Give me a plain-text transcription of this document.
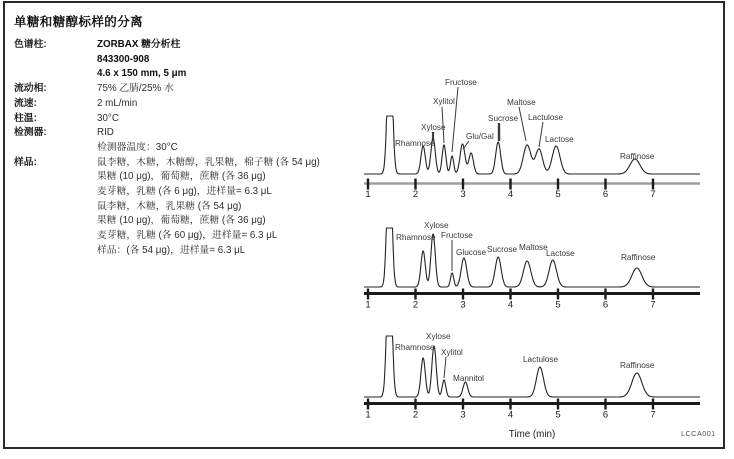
单糖和糖醇标样的分离
色谱柱:	ZORBAX 糖分析柱
843300-908
4.6 x 150 mm, 5 μm
流动相:	75% 乙腈/25% 水
流速:	2 mL/min
柱温:	30°C
检测器:	RID
检测器温度：30°C
样品:	鼠李糖，木糖，木糖醇，乳果糖，棉子糖 (各 54 μg)
果糖 (10 μg)，葡萄糖，蔗糖 (各 36 μg)
麦芽糖，乳糖 (各 6 μg)，进样量= 6.3 μL
鼠李糖，木糖，乳果糖 (各 54 μg)
果糖 (10 μg)，葡萄糖，蔗糖 (各 36 μg)
麦芽糖，乳糖 (各 60 μg)，进样量= 6.3 μL
样品：(各 54 μg)，进样量= 6.3 μL
1	2	3	4	5	6	7
Rhamnose
Xylose
Xylitol
Fructose
Glu/Gal
Sucrose
Maltose
Lactulose
Lactose
Raffinose
1	2	3	4	5	6	7
Rhamnose
Xylose
Fructose
Glucose Sucrose Maltose
Lactose	Raffinose
1	2	3	4	5	6	7
Time (min)
Rhamnose
Xylose
Xylitol
Mannitol
Lactulose
Raffinose
LCCA001
